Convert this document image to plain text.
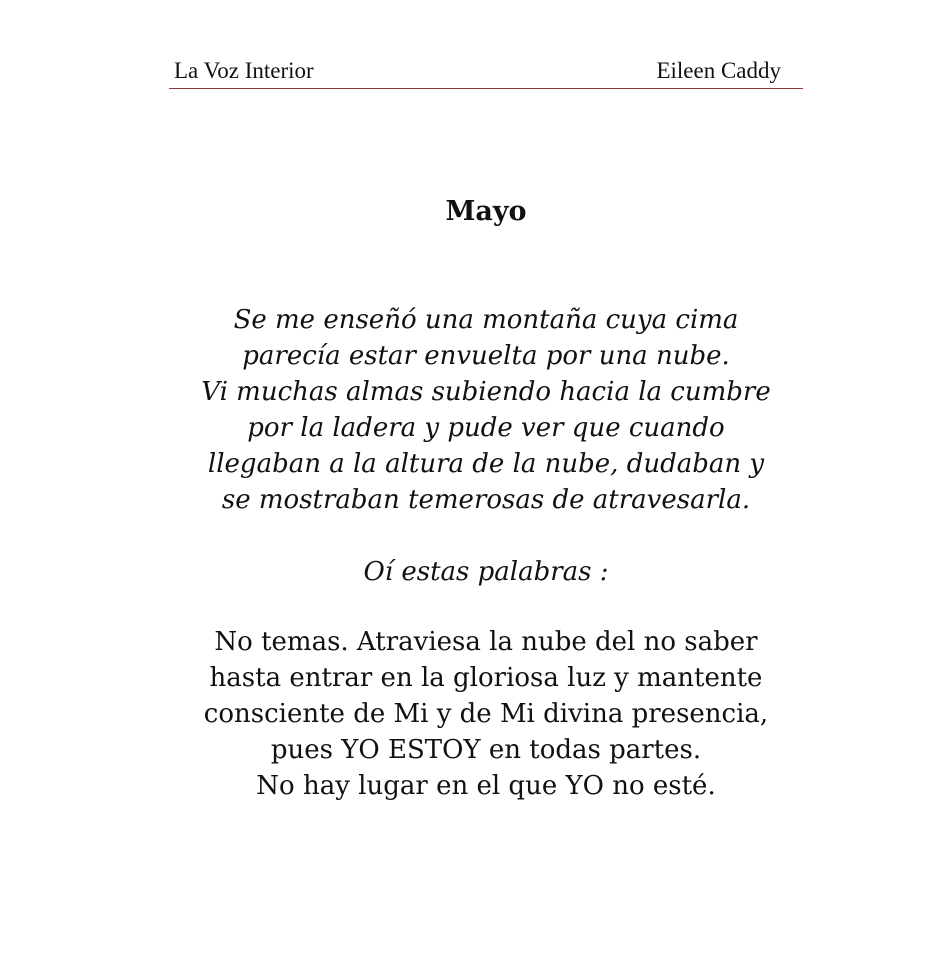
La Voz Interior	Eileen Caddy
Mayo
Se me enseñó una montaña cuya cima
parecía estar envuelta por una nube.
Vi muchas almas subiendo hacia la cumbre
por la ladera y pude ver que cuando
llegaban a la altura de la nube, dudaban y
se mostraban temerosas de atravesarla.
Oí estas palabras :
No temas. Atraviesa la nube del no saber
hasta entrar en la gloriosa luz y mantente
consciente de Mi y de Mi divina presencia,
pues YO ESTOY en todas partes.
No hay lugar en el que YO no esté.
